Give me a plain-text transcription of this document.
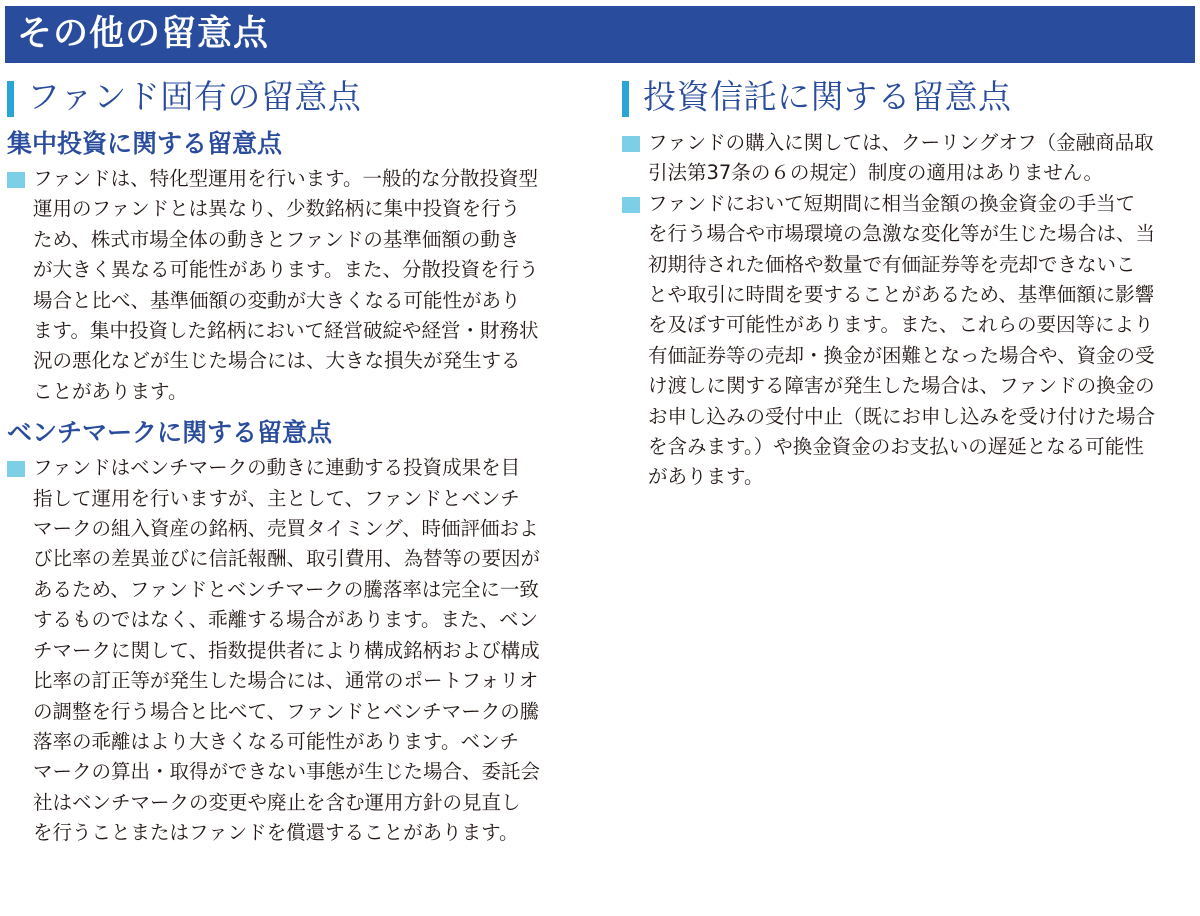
その他の留意点
ファンド固有の留意点
集中投資に関する留意点
ファンドは、特化型運用を行います。一般的な分散投資型
運用のファンドとは異なり、少数銘柄に集中投資を行う
ため、株式市場全体の動きとファンドの基準価額の動き
が大きく異なる可能性があります。また、分散投資を行う
場合と比べ、基準価額の変動が大きくなる可能性があり
ます。集中投資した銘柄において経営破綻や経営・財務状
況の悪化などが生じた場合には、大きな損失が発生する
ことがあります。
ベンチマークに関する留意点
ファンドはベンチマークの動きに連動する投資成果を目
指して運用を行いますが、主として、ファンドとベンチ
マークの組入資産の銘柄、売買タイミング、時価評価およ
び比率の差異並びに信託報酬、取引費用、為替等の要因が
あるため、ファンドとベンチマークの騰落率は完全に一致
するものではなく、乖離する場合があります。また、ベン
チマークに関して、指数提供者により構成銘柄および構成
比率の訂正等が発生した場合には、通常のポートフォリオ
の調整を行う場合と比べて、ファンドとベンチマークの騰
落率の乖離はより大きくなる可能性があります。ベンチ
マークの算出・取得ができない事態が生じた場合、委託会
社はベンチマークの変更や廃止を含む運用方針の見直し
を行うことまたはファンドを償還することがあります。
投資信託に関する留意点
ファンドの購入に関しては、クーリングオフ（金融商品取
引法第37条の６の規定）制度の適用はありません。
ファンドにおいて短期間に相当金額の換金資金の手当て
を行う場合や市場環境の急激な変化等が生じた場合は、当
初期待された価格や数量で有価証券等を売却できないこ
とや取引に時間を要することがあるため、基準価額に影響
を及ぼす可能性があります。また、これらの要因等により
有価証券等の売却・換金が困難となった場合や、資金の受
け渡しに関する障害が発生した場合は、ファンドの換金の
お申し込みの受付中止（既にお申し込みを受け付けた場合
を含みます。）や換金資金のお支払いの遅延となる可能性
があります。
